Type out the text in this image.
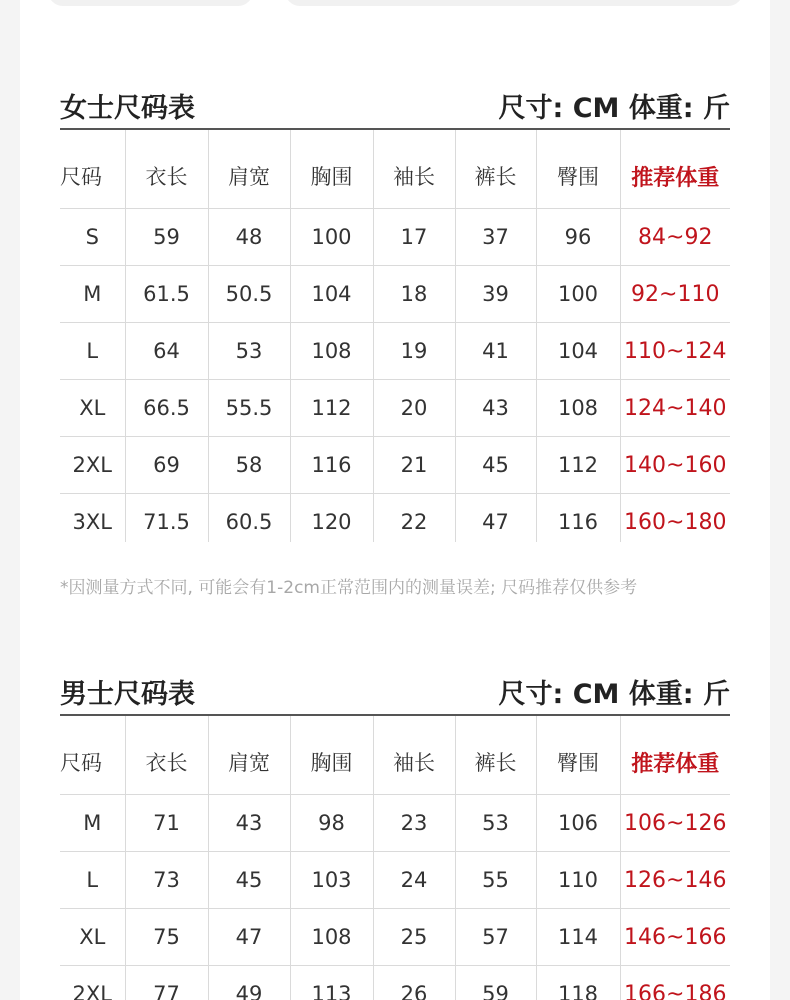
女士尺码表	尺寸: CM 体重: 斤
尺码	衣长	肩宽	胸围	袖长	裤长	臀围	推荐体重
S	59	48	100	17	37	96	84~92
M	61.5	50.5	104	18	39	100	92~110
L	64	53	108	19	41	104	110~124
XL	66.5	55.5	112	20	43	108	124~140
2XL	69	58	116	21	45	112	140~160
3XL	71.5	60.5	120	22	47	116	160~180
*因测量方式不同, 可能会有1-2cm正常范围内的测量误差; 尺码推荐仅供参考
男士尺码表	尺寸: CM 体重: 斤
尺码	衣长	肩宽	胸围	袖长	裤长	臀围	推荐体重
M	71	43	98	23	53	106	106~126
L	73	45	103	24	55	110	126~146
XL	75	47	108	25	57	114	146~166
2XL	77	49	113	26	59	118	166~186
